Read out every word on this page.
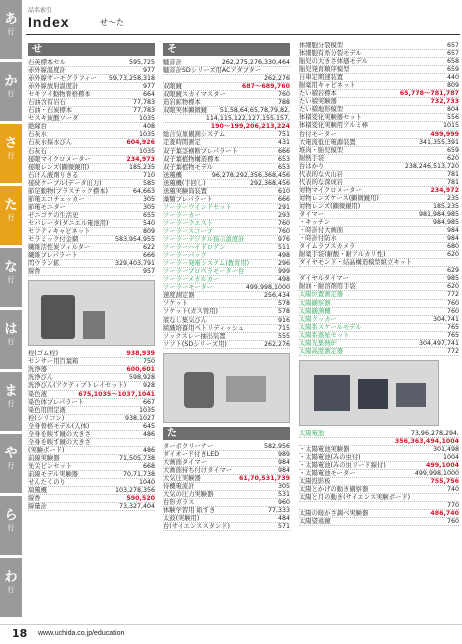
あ
行
か
行
さ
行
た
行
な
行
は
行
ま
行
や
行
ら
行
わ
行
品名索引
Index	せ〜た
せ
石英標本セル	595,725
赤外線温度計	977
赤外線サーモグラフィー	59,73,258,318
赤外線放射温度計	977
セキツイ動物骨格標本	664
石油含有岩石	77,783
石油・石炭標本	77,783
セスキ炭酸ソーダ	1035
絶縁台	408
石灰水	1035
石灰水採水びん	604,926
石灰石	1035
接眼マイクロメーター	234,973
接眼レンズ(顕微鏡用)	185,235
石けん液剤りきる	710
接続ケーブル(データ出力)	585
節足動物(プラスチック標本)	64,663
節電エコチェッカー	305
節電モニター	305
ゼニゴケの生活史	655
セパレータ(ダニエル電池用)	540
セフティキャピネット	809
セラミック付金網	583,954,955
繊維活性炭フィルター	622
繊維プレパラート	666
閃ウラン鉱	329,403,791
線香	957
栓(ゴム栓)	938,939
センサー用百葉箱	750
洗浄器	600,601
洗浄びん	598,928
洗浄びん(アクティブトレイセット)	928
染色液	675,1035〜1037,1041
染色体プレパラート	667
染色用固定液	1035
栓(シリコン)	938,1027
全身骨格モデル(人体)	645
全身を映す鏡の大きさ	486
全身を映す鏡の大きさ
(実験ボード)	486
前線実験器	71,505,738
先尖ピンセット	668
前線モデル実験器	70,71,738
せんたくのり	1040
扇風機	103,278,356
線香	590,520
線量計	73,327,404
そ
騒音計	262,275,276,330,464
騒音計SDシリーズ用ACアダプター
262,276
双眼鏡	687〜689,760
双眼鏡スカイマスター	760
造岩鉱物標本	788
双眼実体顕微鏡	51,58,64,65,78,79,82,
114,115,122,127,155,157,
190〜199,206,213,224
総合気象観測システム	751
走査時間測定	431
双子葉茎横断プレパラート	666
双子葉植物構造標本	653
双子葉植物モデル	653
送風機	96,278,292,356,368,456
送風機(手回し)	292,368,456
送風実験筒装置	610
藻類プレパラート	666
ソーラーウインドセット	291
ソーラーカー	293
ソーラークエスト	760
ソーラースコープ	760
ソーラーデジタル指示温度計	976
ソーラーハイドロゲン	511
ソーラーパック	498
ソーラー発電システム(教育用)	296
ソーラープロペラモーター台	999
ソーラーメカルカー	498
ソーラーモーター	499,998,1000
速度測定器	256,434
ソケット	578
ソケット(ガス管用)	578
底なし集気びん	916
組織培養用ぺトリディッシュ	715
ソックスレー抽出装置	555
ソフト(SDシリーズ用)	262,276
た
ターボクリーナー	582,956
ダイオード付きLED	989
大画面タイマー	984
大画面持ち付けタイマー	984
大気圧実験器	61,70,531,739
待機電流計	305
大気の圧力実験器	531
台形ガラス	960
体験学習用 紙すき	77,333
太鼓(実験用)	484
台(サイエンススタンド)	571
体細胞分裂模型	657
体細胞有糸分裂モデル	657
胎児の大きさ体感モデル	658
胎児発育順序模型	659
自車定期速装置	440
耐薬用キャビネット	809
たい積岩標本	65,778〜781,787
たい積実験器	732,733
たい積地形模型	804
体積変化実験器セット	556
体積変化実験用アルミ棒	1015
台付モーター	499,999
大電流低圧電源装置	341,355,391
堆肉・胎児模型	659
耐熱手袋	620
台はかり	238,246,513,720
代表的な火山岩	781
代表的な深成岩	781
対物マイクロメーター	234,972
対物レンズケース(顕微鏡用)	235
対物レンズ(顕微鏡用)	185,235
タイマー	981,984,985
・キッチン	984,985
・時計付大画面	984
・時計付防水	984
タイムラプスカメラ	680
耐薬手袋(耐酸・耐アルカリ性)	620
ダイヤモンド・結晶構造模型組立キット
629
ダイヤルタイマー	985
耐油・耐溶剤用手袋	620
太陽位置測定器	772
太陽観察器	760
太陽観測機	760
太陽クッカー	304,741
太陽系スケールモデル	765
太陽系惑星セット	765
太陽光集熱炉	304,497,741
太陽高度測定器	772
太陽電池	73,96,278,294,
356,363,494,1004
・太陽電池実験器	301,498
・太陽電池(みの虫付)	1004
・太陽電池(みの虫リード線付)	499,1004
・太陽電池モーター	499,998,1000
太陽投影板	755,756
太陽とかげの動き観察器	740
太陽と月の動き(サイエンス実験ボード)
770
太陽の暖かさ調べ実験器	486,740
太陽望遠鏡	760
18 www.uchida.co.jp/education
